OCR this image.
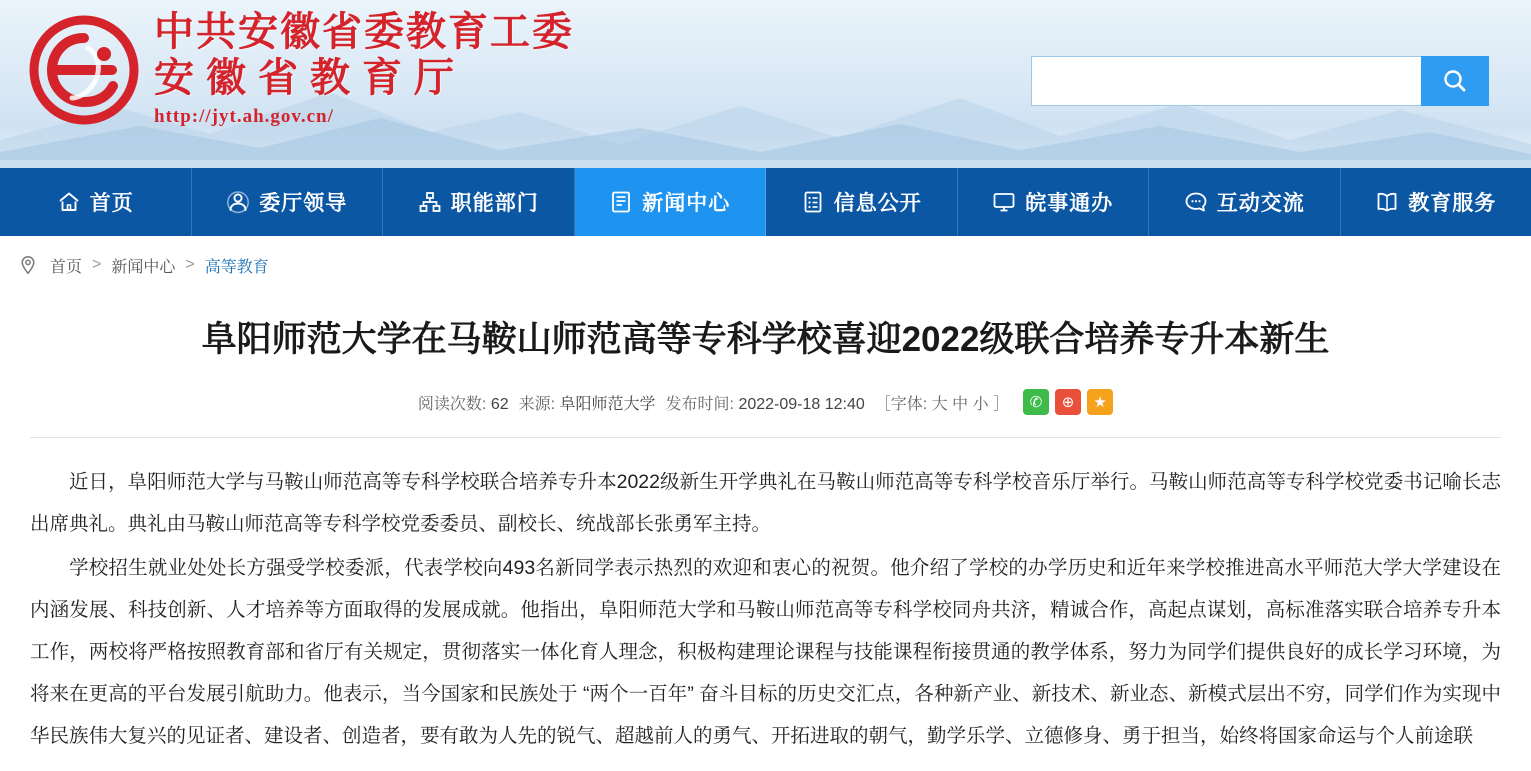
中共安徽省委教育工委
安徽省教育厅
http://jyt.ah.gov.cn/
首页	委厅领导	职能部门	新闻中心	信息公开	皖事通办	互动交流	教育服务
首页 > 新闻中心 > 高等教育
阜阳师范大学在马鞍山师范高等专科学校喜迎2022级联合培养专升本新生
阅读次数: 62 来源: 阜阳师范大学 发布时间: 2022-09-18 12:40 ［字体: 大 中 小 ］	✆	⊕	★

近日，阜阳师范大学与马鞍山师范高等专科学校联合培养专升本2022级新生开学典礼在马鞍山师范高等专科学校音乐厅举行。马鞍山师范高等专科学校党委书记喻长志出席典礼。典礼由马鞍山师范高等专科学校党委委员、副校长、统战部长张勇军主持。

学校招生就业处处长方强受学校委派，代表学校向493名新同学表示热烈的欢迎和衷心的祝贺。他介绍了学校的办学历史和近年来学校推进高水平师范大学大学建设在内涵发展、科技创新、人才培养等方面取得的发展成就。他指出，阜阳师范大学和马鞍山师范高等专科学校同舟共济，精诚合作，高起点谋划，高标准落实联合培养专升本工作，两校将严格按照教育部和省厅有关规定，贯彻落实一体化育人理念，积极构建理论课程与技能课程衔接贯通的教学体系，努力为同学们提供良好的成长学习环境，为将来在更高的平台发展引航助力。他表示，当今国家和民族处于 “两个一百年” 奋斗目标的历史交汇点，各种新产业、新技术、新业态、新模式层出不穷，同学们作为实现中华民族伟大复兴的见证者、建设者、创造者，要有敢为人先的锐气、超越前人的勇气、开拓进取的朝气，勤学乐学、立德修身、勇于担当，始终将国家命运与个人前途联
